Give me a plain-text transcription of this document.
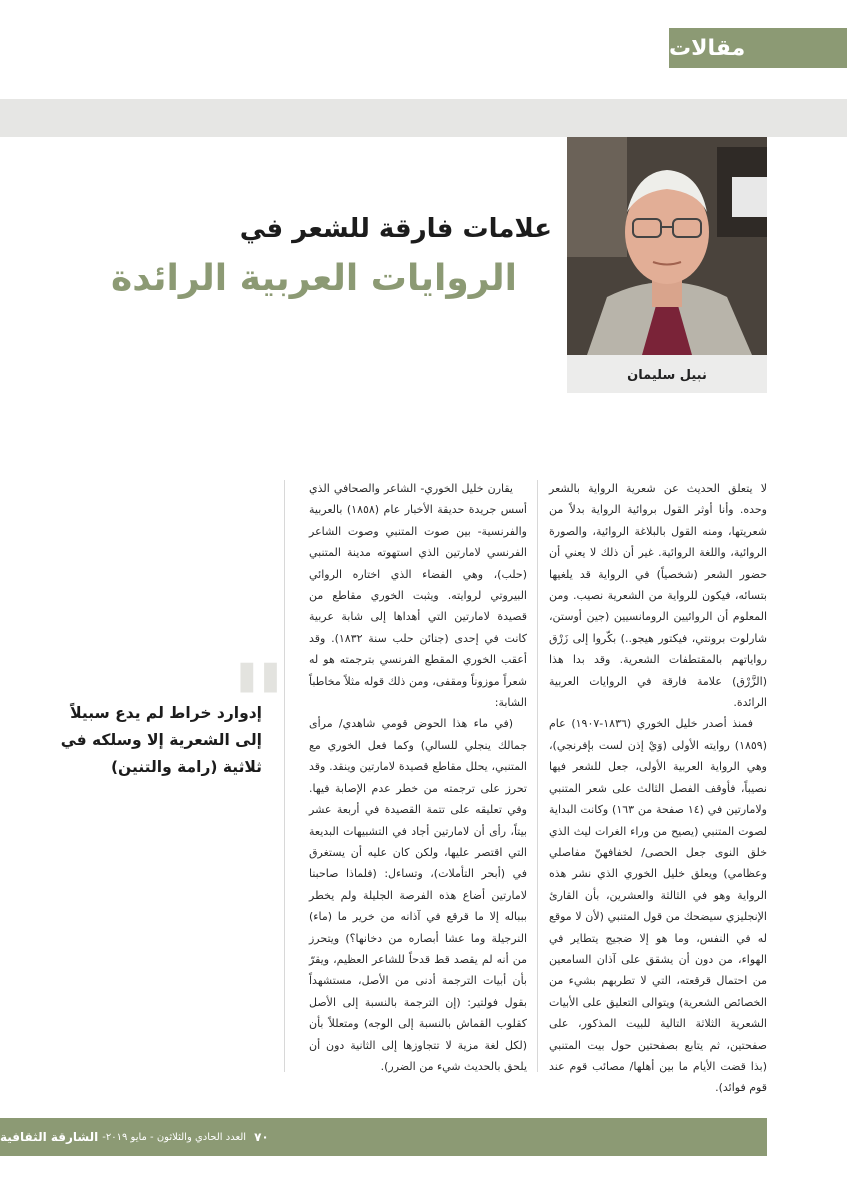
مقالات
نبيل سليمان
علامات فارقة للشعر في
الروايات العربية الرائدة

لا يتعلق الحديث عن شعرية الرواية بالشعر وحده. وأنا أوثر القول بروائية الرواية بدلاً من شعريتها، ومنه القول بالبلاغة الروائية، والصورة الروائية، واللغة الروائية. غير أن ذلك لا يعني أن حضور الشعر (شخصياً) في الرواية قد يلغيها بتسائه، فيكون للرواية من الشعرية نصيب. ومن المعلوم أن الروائيين الرومانسيين (جين أوستن، شارلوت برونتي، فيكتور هيجو..) بكّروا إلى زَرْق رواياتهم بالمقتطفات الشعرية. وقد بدا هذا (الزَّرْق) علامة فارقة في الروايات العربية الرائدة.

فمنذ أصدر خليل الخوري (١٨٣٦-١٩٠٧) عام (١٨٥٩) روايته الأولى (وَيْ إذن لست بإفرنجي)، وهي الرواية العربية الأولى، جعل للشعر فيها نصيباً، فأوقف الفصل الثالث على شعر المتنبي ولامارتين في (١٤ صفحة من ١٦٣) وكانت البداية لصوت المتنبي (يصيح من وراء الغرات ليث الذي خلق النوى جعل الحصى/ لخفافهنّ مفاصلي وعظامي) ويعلق خليل الخوري الذي نشر هذه الرواية وهو في الثالثة والعشرين، بأن القارئ الإنجليزي سيضحك من قول المتنبي (لأن لا موقع له في النفس، وما هو إلا ضجيج يتطاير في الهواء، من دون أن يشقق على آذان السامعين من احتمال قرقعته، التي لا تطربهم بشيء من الخصائص الشعرية) ويتوالى التعليق على الأبيات الشعرية الثلاثة التالية للبيت المذكور، على صفحتين، ثم يتابع بصفحتين حول بيت المتنبي (بذا قضت الأيام ما بين أهلها/ مصائب قوم عند قوم فوائد).

يقارن خليل الخوري- الشاعر والصحافي الذي أسس جريدة حديقة الأخبار عام (١٨٥٨) بالعربية والفرنسية- بين صوت المتنبي وصوت الشاعر الفرنسي لامارتين الذي استهوته مدينة المتنبي (حلب)، وهي الفضاء الذي اختاره الروائي البيروتي لروايته. ويثبت الخوري مقاطع من قصيدة لامارتين التي أهداها إلى شابة عربية كانت في إحدى (جنائن حلب سنة ١٨٣٢). وقد أعقب الخوري المقطع الفرنسي بترجمته هو له شعراً موزوناً ومقفى، ومن ذلك قوله مثلاً مخاطباً الشابة:

(في ماء هذا الحوض قومي شاهدي/ مرأى جمالك ينجلي للسالي) وكما فعل الخوري مع المتنبي، يحلل مقاطع قصيدة لامارتين وينقد. وقد تحرز على ترجمته من خطر عدم الإصابة فيها. وفي تعليقه على تتمة القصيدة في أربعة عشر بيتاً، رأى أن لامارتين أجاد في التشبيهات البديعة التي اقتصر عليها، ولكن كان عليه أن يستغرق في (أبحر التأملات)، وتساءل: (فلماذا صاحبنا لامارتين أضاع هذه الفرصة الجليلة ولم يخطر ببباله إلا ما قرقع في آذانه من خرير ما (ماء) النرجيلة وما عشا أبصاره من دخانها؟) ويتحرز من أنه لم يقصد قط قدحاً للشاعر العظيم، ويقرّ بأن أبيات الترجمة أدنى من الأصل، مستشهداً بقول فولتير: (إن الترجمة بالنسبة إلى الأصل كقلوب القماش بالنسبة إلى الوجه) ومتعللاً بأن (لكل لغة مزية لا تتجاوزها إلى الثانية دون أن يلحق بالحديث شيء من الضرر).

"
إدوارد خراط لم يدع سبيلاً إلى الشعرية إلا وسلكه في ثلاثية (رامة والتنين)
٧٠
العدد الحادي والثلاثون - مايو ٢٠١٩-
الشارقة الثقافية
